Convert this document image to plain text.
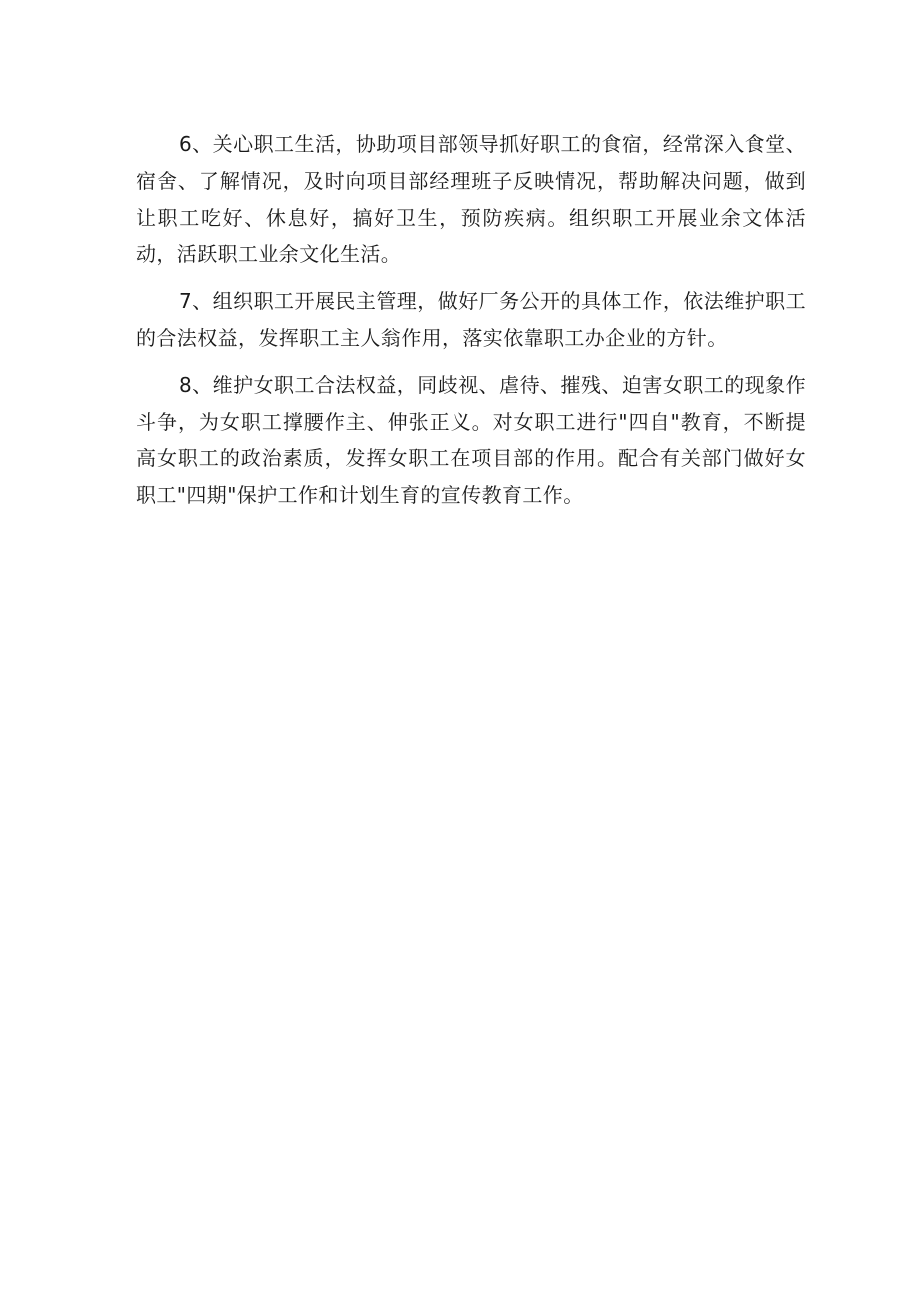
6、关心职工生活，协助项目部领导抓好职工的食宿，经常深入食堂、宿舍、了解情况，及时向项目部经理班子反映情况，帮助解决问题，做到让职工吃好、休息好，搞好卫生，预防疾病。组织职工开展业余文体活动，活跃职工业余文化生活。

7、组织职工开展民主管理，做好厂务公开的具体工作，依法维护职工的合法权益，发挥职工主人翁作用，落实依靠职工办企业的方针。

8、维护女职工合法权益，同歧视、虐待、摧残、迫害女职工的现象作斗争，为女职工撑腰作主、伸张正义。对女职工进行"四自"教育，不断提高女职工的政治素质，发挥女职工在项目部的作用。配合有关部门做好女职工"四期"保护工作和计划生育的宣传教育工作。
